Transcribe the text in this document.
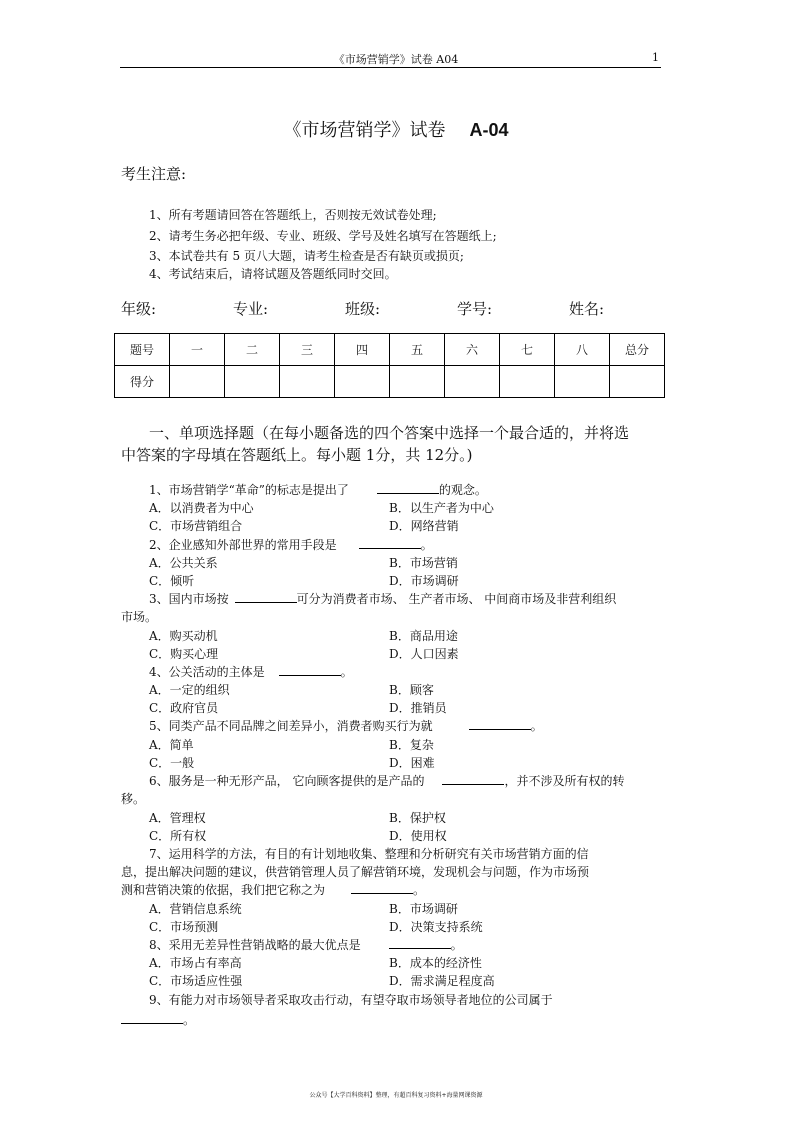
《市场营销学》试卷 A04	1
《市场营销学》试卷 A-04
考生注意:
1、所有考题请回答在答题纸上，否则按无效试卷处理;
2、请考生务必把年级、专业、班级、学号及姓名填写在答题纸上;
3、本试卷共有 5 页八大题，请考生检查是否有缺页或损页;
4、考试结束后，请将试题及答题纸同时交回。
年级:	专业:	班级:	学号:	姓名:
题号	一	二	三	四	五	六	七	八	总分
得分									
一、单项选择题（在每小题备选的四个答案中选择一个最合适的，并将选
中答案的字母填在答题纸上。每小题 1分，共 12分。)
1、市场营销学“革命”的标志是提出了	的观念。
A．以消费者为中心	B．以生产者为中心
C．市场营销组合	D．网络营销
2、企业感知外部世界的常用手段是	。
A．公共关系	B．市场营销
C．倾听	D．市场调研
3、国内市场按	可分为消费者市场、 生产者市场、 中间商市场及非营利组织
市场。
A．购买动机	B．商品用途
C．购买心理	D．人口因素
4、公关活动的主体是	。
A．一定的组织	B．顾客
C．政府官员	D．推销员
5、同类产品不同品牌之间差异小，消费者购买行为就	。
A．简单	B．复杂
C．一般	D．困难
6、服务是一种无形产品， 它向顾客提供的是产品的	，并不涉及所有权的转
移。
A．管理权	B．保护权
C．所有权	D．使用权
7、运用科学的方法，有目的有计划地收集、整理和分析研究有关市场营销方面的信
息，提出解决问题的建议，供营销管理人员了解营销环境，发现机会与问题，作为市场预
测和营销决策的依据，我们把它称之为	。
A．营销信息系统	B．市场调研
C．市场预测	D．决策支持系统
8、采用无差异性营销战略的最大优点是	。
A．市场占有率高	B．成本的经济性
C．市场适应性强	D．需求满足程度高
9、有能力对市场领导者采取攻击行动，有望夺取市场领导者地位的公司属于
。
公众号【大学百科资料】整理，有超百科复习资料+海量网课资源
